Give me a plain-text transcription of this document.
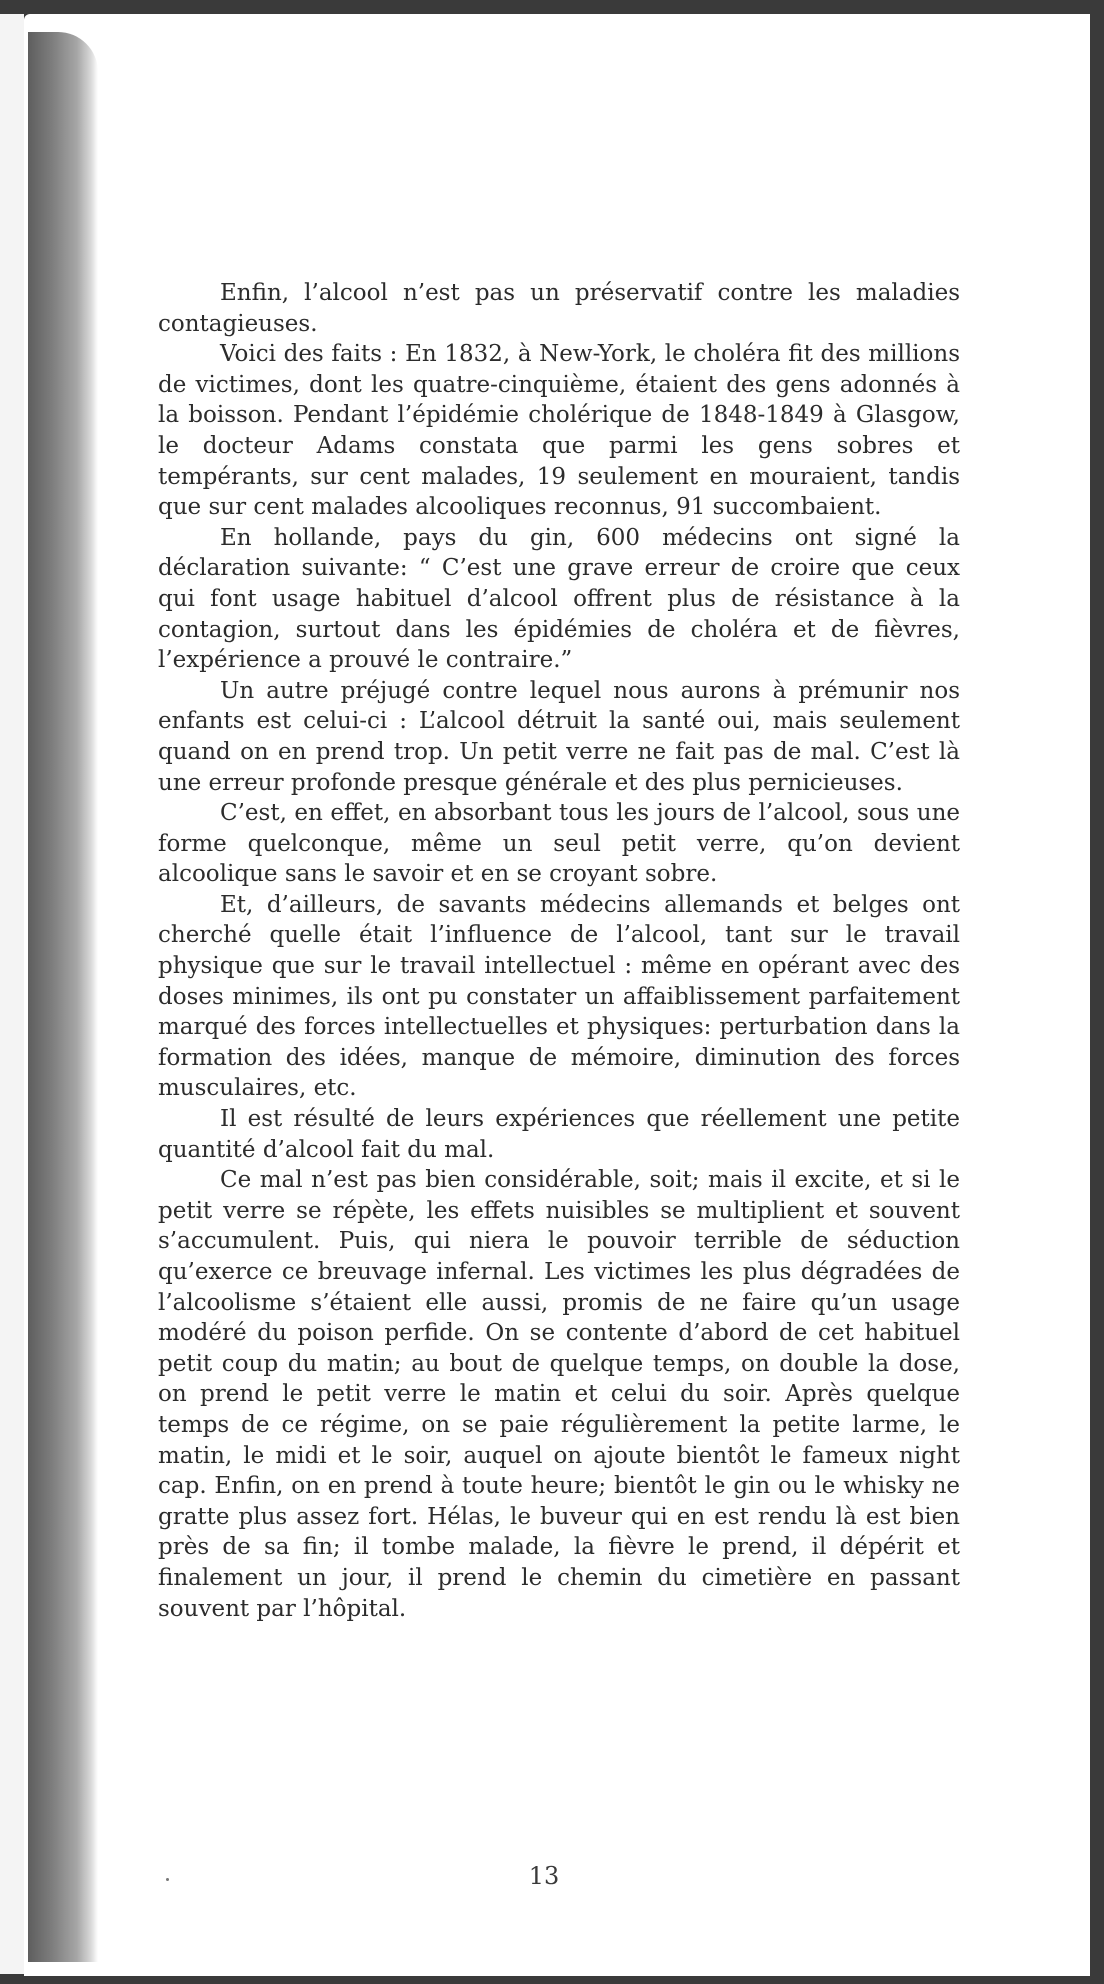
Enfin, l’alcool n’est pas un préservatif contre les maladies contagieuses.

Voici des faits : En 1832, à New-York, le choléra fit des millions de victimes, dont les quatre-cinquième, étaient des gens adonnés à la boisson. Pendant l’épidémie cholérique de 1848-1849 à Glasgow, le docteur Adams constata que parmi les gens sobres et tempérants, sur cent malades, 19 seulement en mouraient, tandis que sur cent malades alcooliques reconnus, 91 succombaient.

En hollande, pays du gin, 600 médecins ont signé la déclaration suivante: “ C’est une grave erreur de croire que ceux qui font usage habituel d’alcool offrent plus de résistance à la contagion, surtout dans les épidémies de choléra et de fièvres, l’expérience a prouvé le contraire.”

Un autre préjugé contre lequel nous aurons à prémunir nos enfants est celui-ci : L’alcool détruit la santé oui, mais seulement quand on en prend trop. Un petit verre ne fait pas de mal. C’est là une erreur profonde presque générale et des plus pernicieuses.

C’est, en effet, en absorbant tous les jours de l’alcool, sous une forme quelconque, même un seul petit verre, qu’on devient alcoolique sans le savoir et en se croyant sobre.

Et, d’ailleurs, de savants médecins allemands et belges ont cherché quelle était l’influence de l’alcool, tant sur le travail physique que sur le travail intellectuel : même en opérant avec des doses minimes, ils ont pu constater un affaiblissement parfaitement marqué des forces intellectuelles et physiques: perturbation dans la formation des idées, manque de mémoire, diminution des forces musculaires, etc.

Il est résulté de leurs expériences que réellement une petite quantité d’alcool fait du mal.

Ce mal n’est pas bien considérable, soit; mais il excite, et si le petit verre se répète, les effets nuisibles se multiplient et souvent s’accumulent. Puis, qui niera le pouvoir terrible de séduction qu’exerce ce breuvage infernal. Les victimes les plus dégradées de l’alcoolisme s’étaient elle aussi, promis de ne faire qu’un usage modéré du poison perfide. On se contente d’abord de cet habituel petit coup du matin; au bout de quelque temps, on double la dose, on prend le petit verre le matin et celui du soir. Après quelque temps de ce régime, on se paie régulièrement la petite larme, le matin, le midi et le soir, auquel on ajoute bientôt le fameux night cap. Enfin, on en prend à toute heure; bientôt le gin ou le whisky ne gratte plus assez fort. Hélas, le buveur qui en est rendu là est bien près de sa fin; il tombe malade, la fièvre le prend, il dépérit et finalement un jour, il prend le chemin du cimetière en passant souvent par l’hôpital.

13
